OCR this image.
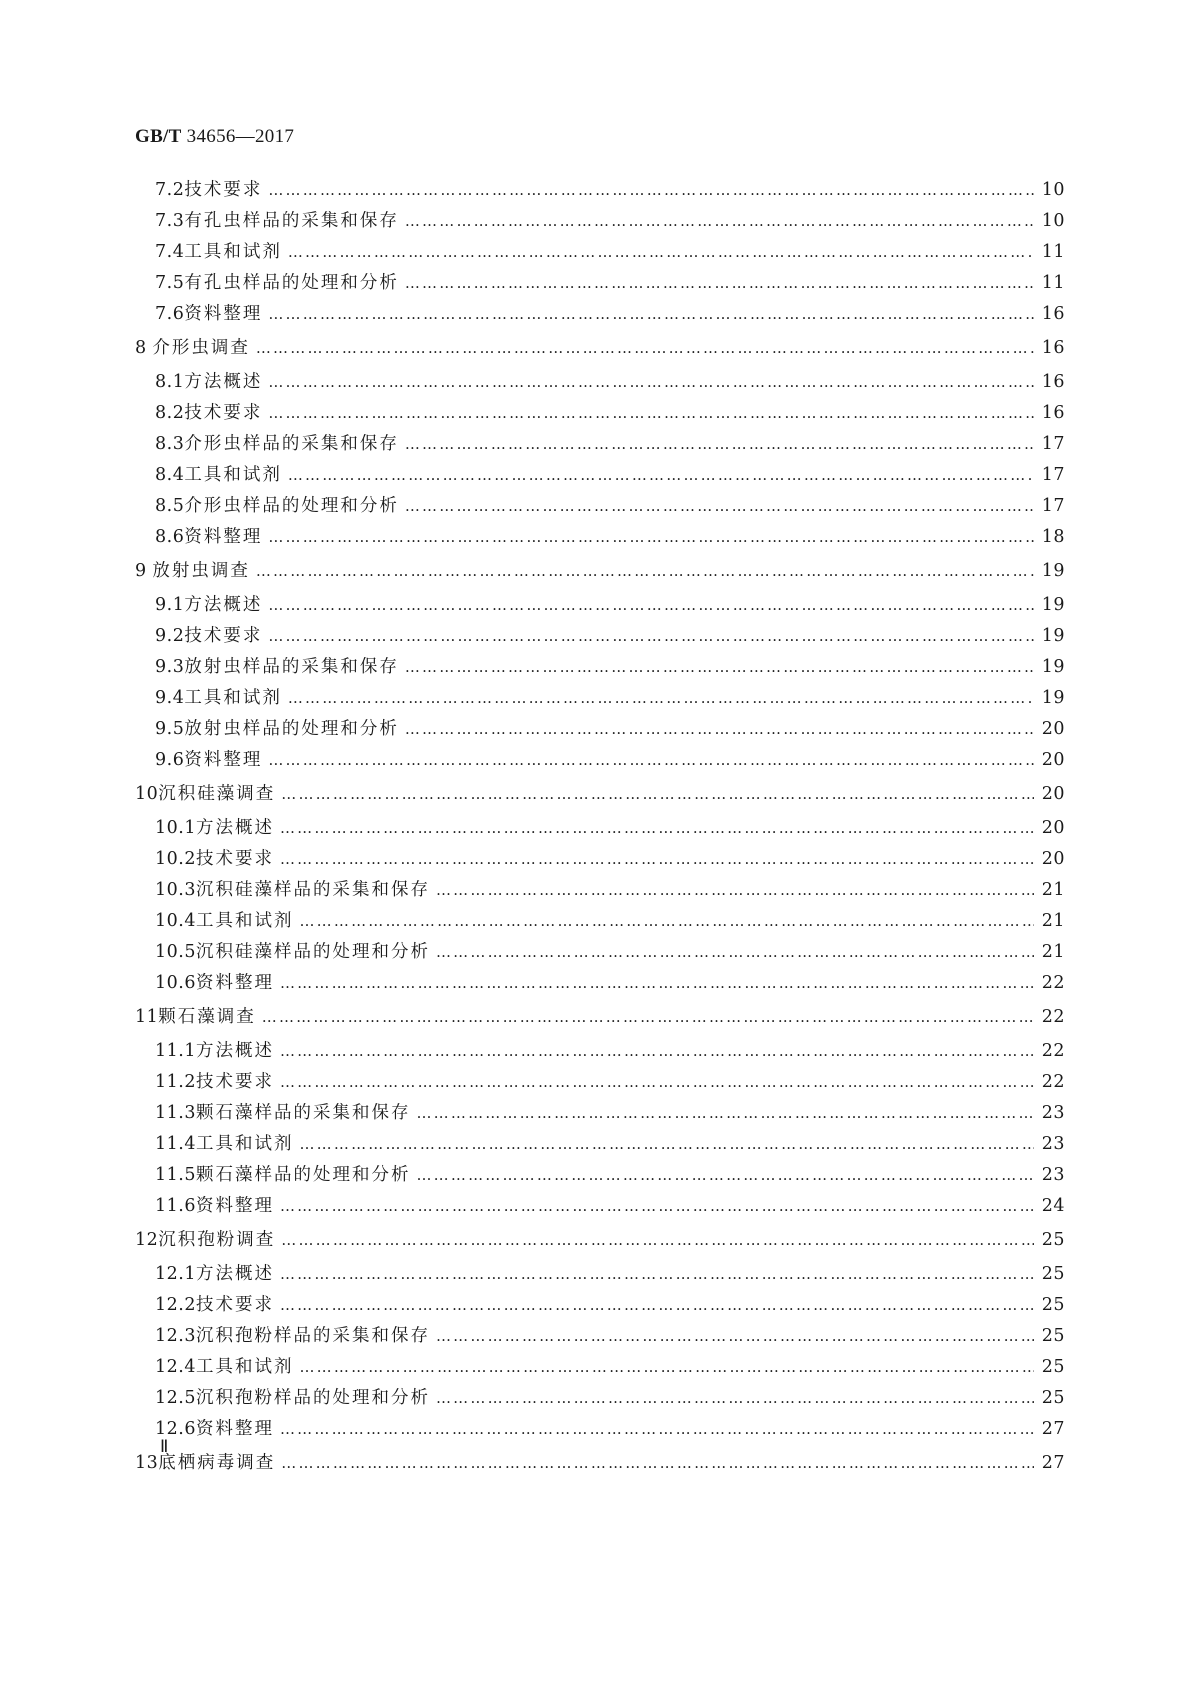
GB/T 34656—2017
7.2 技术要求 ……………………………………………………………………………………………………………………………………………………………………………………………………………………………………	10
7.3 有孔虫样品的采集和保存 ……………………………………………………………………………………………………………………………………………………………………………………………………………………………………	10
7.4 工具和试剂 ……………………………………………………………………………………………………………………………………………………………………………………………………………………………………	11
7.5 有孔虫样品的处理和分析 ……………………………………………………………………………………………………………………………………………………………………………………………………………………………………	11
7.6 资料整理 ……………………………………………………………………………………………………………………………………………………………………………………………………………………………………	16
8 介形虫调查 ……………………………………………………………………………………………………………………………………………………………………………………………………………………………………	16
8.1 方法概述 ……………………………………………………………………………………………………………………………………………………………………………………………………………………………………	16
8.2 技术要求 ……………………………………………………………………………………………………………………………………………………………………………………………………………………………………	16
8.3 介形虫样品的采集和保存 ……………………………………………………………………………………………………………………………………………………………………………………………………………………………………	17
8.4 工具和试剂 ……………………………………………………………………………………………………………………………………………………………………………………………………………………………………	17
8.5 介形虫样品的处理和分析 ……………………………………………………………………………………………………………………………………………………………………………………………………………………………………	17
8.6 资料整理 ……………………………………………………………………………………………………………………………………………………………………………………………………………………………………	18
9 放射虫调查 ……………………………………………………………………………………………………………………………………………………………………………………………………………………………………	19
9.1 方法概述 ……………………………………………………………………………………………………………………………………………………………………………………………………………………………………	19
9.2 技术要求 ……………………………………………………………………………………………………………………………………………………………………………………………………………………………………	19
9.3 放射虫样品的采集和保存 ……………………………………………………………………………………………………………………………………………………………………………………………………………………………………	19
9.4 工具和试剂 ……………………………………………………………………………………………………………………………………………………………………………………………………………………………………	19
9.5 放射虫样品的处理和分析 ……………………………………………………………………………………………………………………………………………………………………………………………………………………………………	20
9.6 资料整理 ……………………………………………………………………………………………………………………………………………………………………………………………………………………………………	20
10 沉积硅藻调查 ……………………………………………………………………………………………………………………………………………………………………………………………………………………………………	20
10.1 方法概述 ……………………………………………………………………………………………………………………………………………………………………………………………………………………………………	20
10.2 技术要求 ……………………………………………………………………………………………………………………………………………………………………………………………………………………………………	20
10.3 沉积硅藻样品的采集和保存 ……………………………………………………………………………………………………………………………………………………………………………………………………………………………………	21
10.4 工具和试剂 ……………………………………………………………………………………………………………………………………………………………………………………………………………………………………	21
10.5 沉积硅藻样品的处理和分析 ……………………………………………………………………………………………………………………………………………………………………………………………………………………………………	21
10.6 资料整理 ……………………………………………………………………………………………………………………………………………………………………………………………………………………………………	22
11 颗石藻调查 ……………………………………………………………………………………………………………………………………………………………………………………………………………………………………	22
11.1 方法概述 ……………………………………………………………………………………………………………………………………………………………………………………………………………………………………	22
11.2 技术要求 ……………………………………………………………………………………………………………………………………………………………………………………………………………………………………	22
11.3 颗石藻样品的采集和保存 ……………………………………………………………………………………………………………………………………………………………………………………………………………………………………	23
11.4 工具和试剂 ……………………………………………………………………………………………………………………………………………………………………………………………………………………………………	23
11.5 颗石藻样品的处理和分析 ……………………………………………………………………………………………………………………………………………………………………………………………………………………………………	23
11.6 资料整理 ……………………………………………………………………………………………………………………………………………………………………………………………………………………………………	24
12 沉积孢粉调查 ……………………………………………………………………………………………………………………………………………………………………………………………………………………………………	25
12.1 方法概述 ……………………………………………………………………………………………………………………………………………………………………………………………………………………………………	25
12.2 技术要求 ……………………………………………………………………………………………………………………………………………………………………………………………………………………………………	25
12.3 沉积孢粉样品的采集和保存 ……………………………………………………………………………………………………………………………………………………………………………………………………………………………………	25
12.4 工具和试剂 ……………………………………………………………………………………………………………………………………………………………………………………………………………………………………	25
12.5 沉积孢粉样品的处理和分析 ……………………………………………………………………………………………………………………………………………………………………………………………………………………………………	25
12.6 资料整理 ……………………………………………………………………………………………………………………………………………………………………………………………………………………………………	27
13 底栖病毒调查 ……………………………………………………………………………………………………………………………………………………………………………………………………………………………………	27
Ⅱ
